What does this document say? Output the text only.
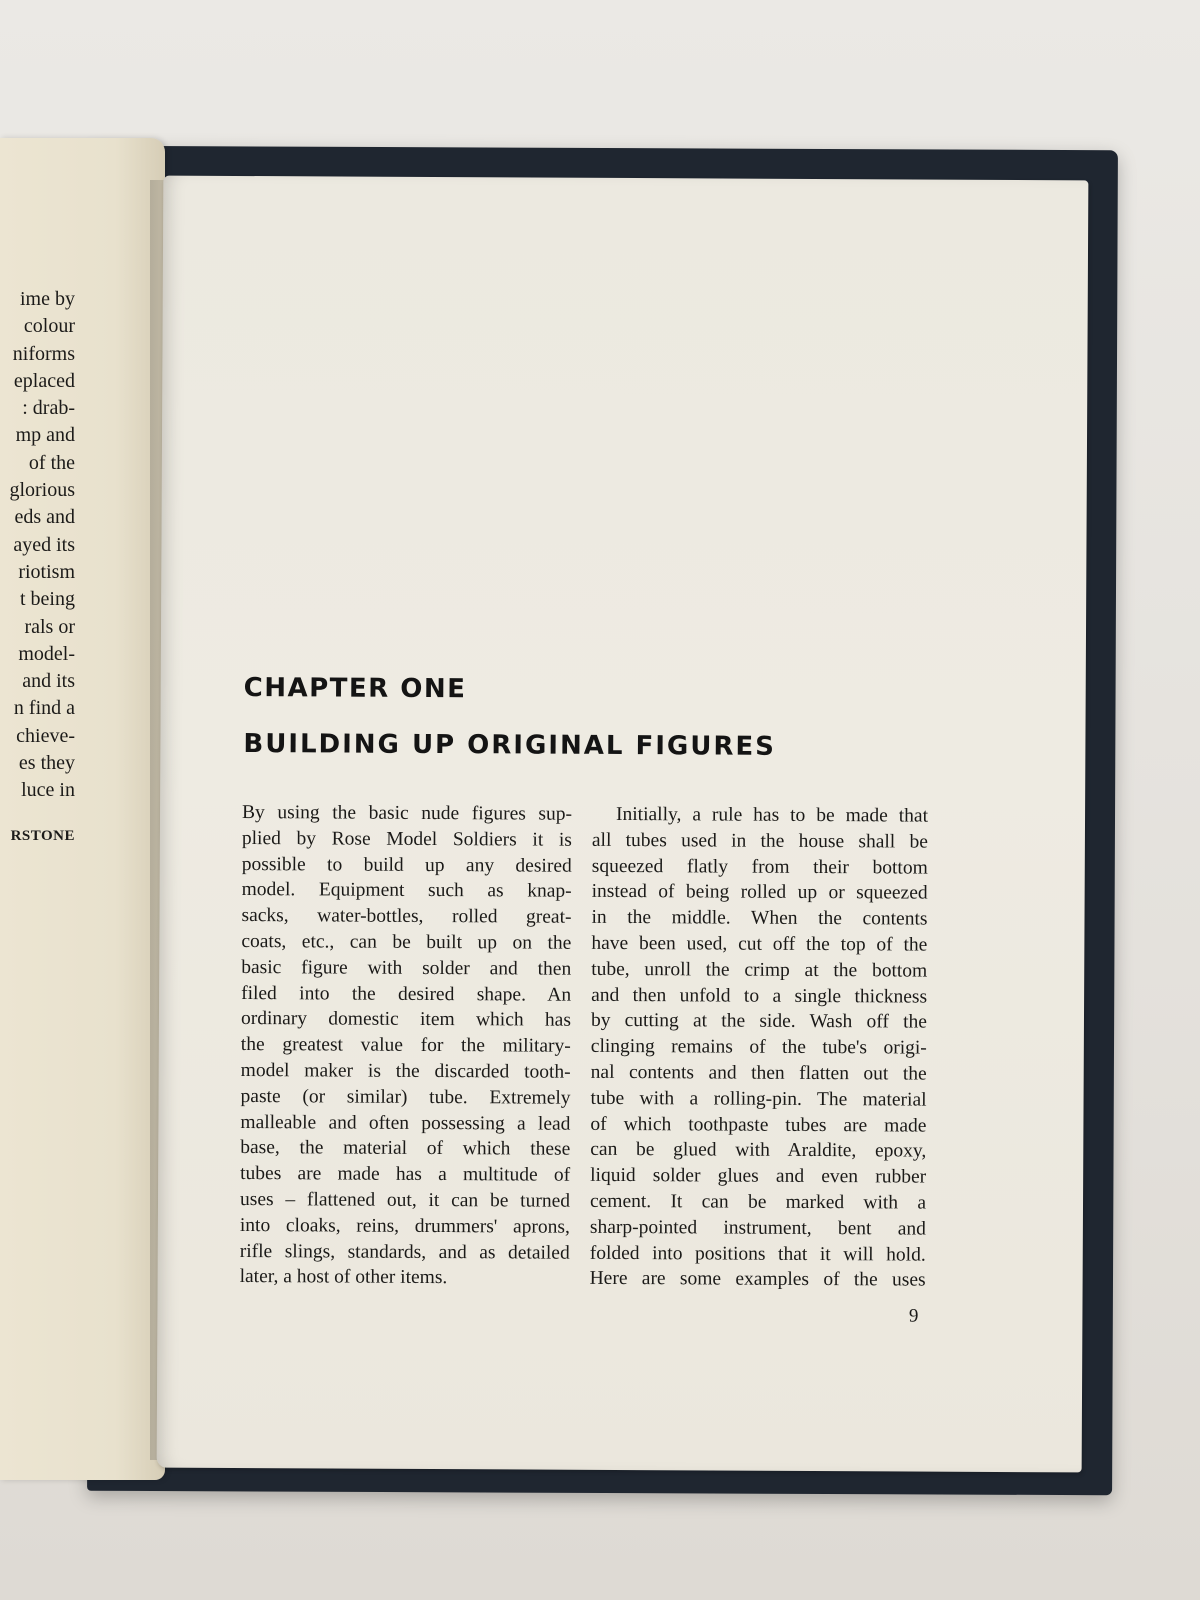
ime by
colour
niforms
eplaced
: drab-
mp and
of the
glorious
eds and
ayed its
riotism
t being
rals or
model-
and its
n find a
chieve-
es they
luce in
RSTONE
CHAPTER ONE
BUILDING UP ORIGINAL FIGURES
By using the basic nude figures sup-
plied by Rose Model Soldiers it is
possible to build up any desired
model. Equipment such as knap-
sacks, water-bottles, rolled great-
coats, etc., can be built up on the
basic figure with solder and then
filed into the desired shape. An
ordinary domestic item which has
the greatest value for the military-
model maker is the discarded tooth-
paste (or similar) tube. Extremely
malleable and often possessing a lead
base, the material of which these
tubes are made has a multitude of
uses – flattened out, it can be turned
into cloaks, reins, drummers' aprons,
rifle slings, standards, and as detailed
later, a host of other items.
Initially, a rule has to be made that
all tubes used in the house shall be
squeezed flatly from their bottom
instead of being rolled up or squeezed
in the middle. When the contents
have been used, cut off the top of the
tube, unroll the crimp at the bottom
and then unfold to a single thickness
by cutting at the side. Wash off the
clinging remains of the tube's origi-
nal contents and then flatten out the
tube with a rolling-pin. The material
of which toothpaste tubes are made
can be glued with Araldite, epoxy,
liquid solder glues and even rubber
cement. It can be marked with a
sharp-pointed instrument, bent and
folded into positions that it will hold.
Here are some examples of the uses
9
